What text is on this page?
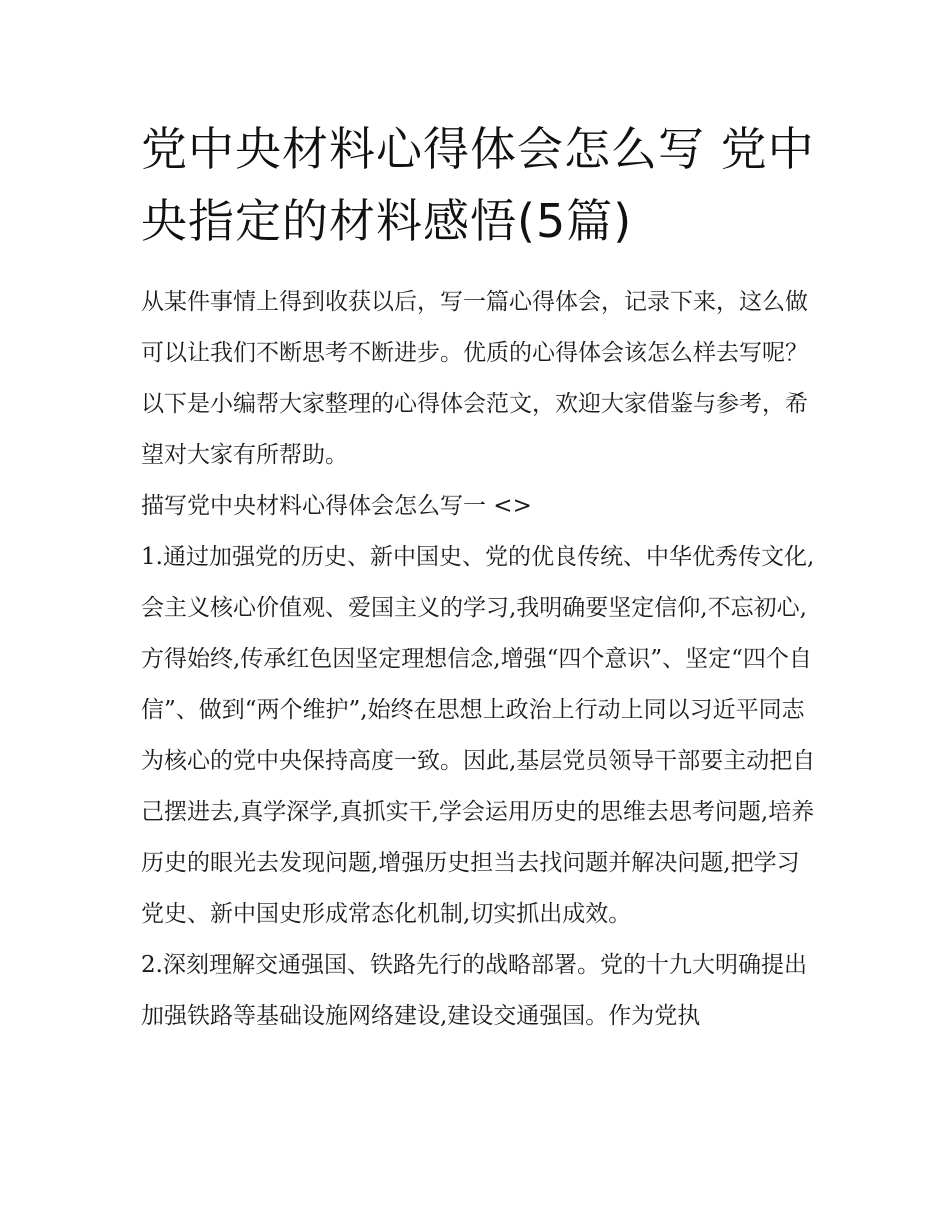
党中央材料心得体会怎么写 党中央指定的材料感悟(5篇)

从某件事情上得到收获以后，写一篇心得体会，记录下来，这么做可以让我们不断思考不断进步。优质的心得体会该怎么样去写呢？以下是小编帮大家整理的心得体会范文，欢迎大家借鉴与参考，希望对大家有所帮助。

描写党中央材料心得体会怎么写一 <>

1.通过加强党的历史、新中国史、党的优良传统、中华优秀传文化,会主义核心价值观、爱国主义的学习,我明确要坚定信仰,不忘初心,方得始终,传承红色因坚定理想信念,增强“四个意识”、坚定“四个自信”、做到“两个维护”,始终在思想上政治上行动上同以习近平同志为核心的党中央保持高度一致。因此,基层党员领导干部要主动把自己摆进去,真学深学,真抓实干,学会运用历史的思维去思考问题,培养历史的眼光去发现问题,增强历史担当去找问题并解决问题,把学习党史、新中国史形成常态化机制,切实抓出成效。

2.深刻理解交通强国、铁路先行的战略部署。党的十九大明确提出加强铁路等基础设施网络建设,建设交通强国。作为党执
